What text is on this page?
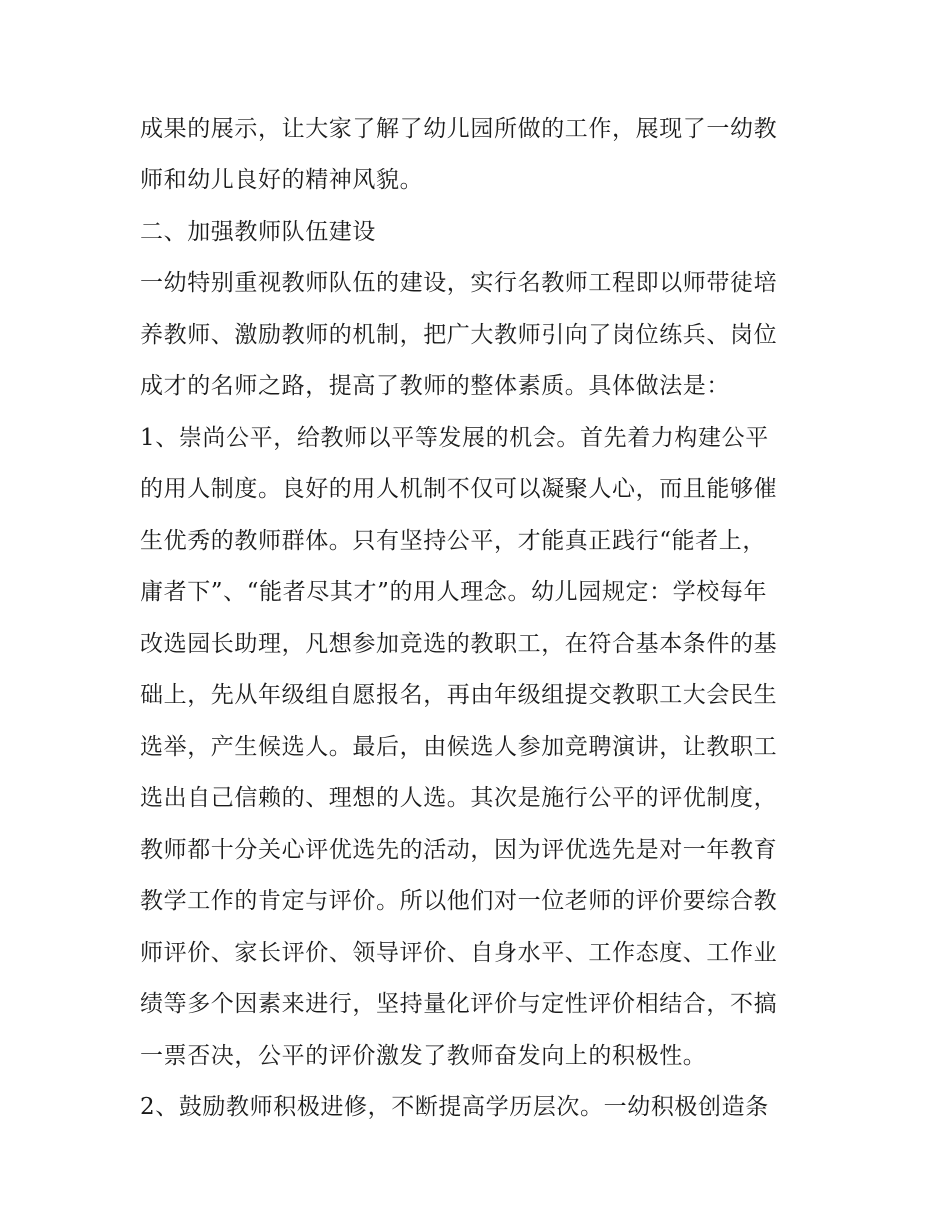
成果的展示，让大家了解了幼儿园所做的工作，展现了一幼教
师和幼儿良好的精神风貌。
二、加强教师队伍建设
一幼特别重视教师队伍的建设，实行名教师工程即以师带徒培
养教师、激励教师的机制，把广大教师引向了岗位练兵、岗位
成才的名师之路，提高了教师的整体素质。具体做法是：
1、崇尚公平，给教师以平等发展的机会。首先着力构建公平
的用人制度。良好的用人机制不仅可以凝聚人心，而且能够催
生优秀的教师群体。只有坚持公平，才能真正践行“能者上，
庸者下”、“能者尽其才”的用人理念。幼儿园规定：学校每年
改选园长助理，凡想参加竞选的教职工，在符合基本条件的基
础上，先从年级组自愿报名，再由年级组提交教职工大会民生
选举，产生候选人。最后，由候选人参加竞聘演讲，让教职工
选出自己信赖的、理想的人选。其次是施行公平的评优制度，
教师都十分关心评优选先的活动，因为评优选先是对一年教育
教学工作的肯定与评价。所以他们对一位老师的评价要综合教
师评价、家长评价、领导评价、自身水平、工作态度、工作业
绩等多个因素来进行，坚持量化评价与定性评价相结合，不搞
一票否决，公平的评价激发了教师奋发向上的积极性。
2、鼓励教师积极进修，不断提高学历层次。一幼积极创造条
